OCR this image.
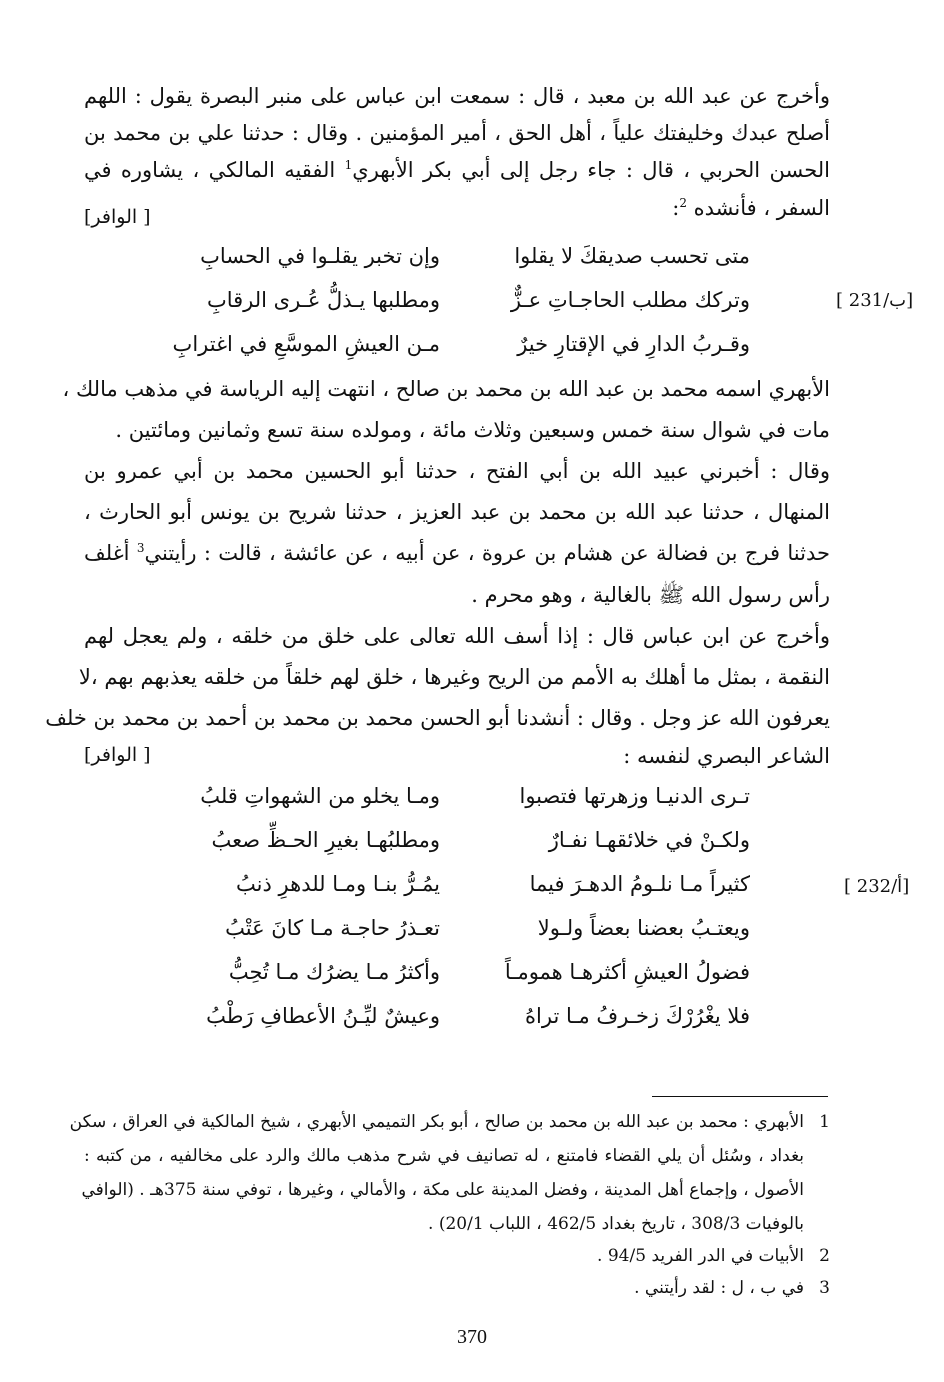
وأخرج عن عبد الله بن معبد ، قال : سمعت ابن عباس على منبر البصرة يقول : اللهم
أصلح عبدك وخليفتك علياً ، أهل الحق ، أمير المؤمنين . وقال : حدثنا علي بن محمد بن
الحسن الحربي ، قال : جاء رجل إلى أبي بكر الأبهري$^1$ الفقيه المالكي ، يشاوره في
السفر ، فأنشده $^2$:
[ الوافر]
متى تحسب صديقكَ لا يقلوا
وإن تخبر يقلـوا في الحسابِ
وتركك مطلب الحاجـاتِ عـزٌّ
ومطلبها يـذلُّ عُـرى الرقابِ
وقـربُ الدارِ في الإقتارِ خيرٌ
مـن العيشِ الموسَّعِ في اغترابِ
[ 231/ب]
الأبهري اسمه محمد بن عبد الله بن محمد بن صالح ، انتهت إليه الرياسة في مذهب مالك ،
مات في شوال سنة خمس وسبعين وثلاث مائة ، ومولده سنة تسع وثمانين ومائتين .
وقال : أخبرني عبيد الله بن أبي الفتح ، حدثنا أبو الحسين محمد بن أبي عمرو بن
المنهال ، حدثنا عبد الله بن محمد بن عبد العزيز ، حدثنا شريح بن يونس أبو الحارث ،
حدثنا فرج بن فضالة عن هشام بن عروة ، عن أبيه ، عن عائشة ، قالت : رأيتني$^3$ أغلف
رأس رسول الله ﷺ بالغالية ، وهو محرم .
وأخرج عن ابن عباس قال : إذا أسف الله تعالى على خلق من خلقه ، ولم يعجل لهم
النقمة ، بمثل ما أهلك به الأمم من الريح وغيرها ، خلق لهم خلقاً من خلقه يعذبهم بهم ،لا
يعرفون الله عز وجل . وقال : أنشدنا أبو الحسن محمد بن محمد بن أحمد بن محمد بن خلف
الشاعر البصري لنفسه :
[ الوافر]
تـرى الدنيـا وزهرتها فتصبوا
ومـا يخلو من الشهواتِ قلبُ
ولكـنْ في خلائقهـا نفـارٌ
ومطلبُهـا بغيرِ الحـظِّ صعبُ
كثيراً مـا نلـومُ الدهـرَ فيما
يمُـرُّ بنـا ومـا للدهرِ ذنبُ
ويعتـبُ بعضنا بعضاً ولـولا
تعـذرُ حاجـة مـا كانَ عَتْبُ
فضولُ العيشِ أكثرهـا همومـاً
وأكثرُ مـا يضرُك مـا تُحِبُّ
فلا يغْرُرْكَ زخـرفُ مـا تراهُ
وعيشٌ ليِّـنُ الأعطافِ رَطْبُ
[ 232/أ]
1
الأبهري : محمد بن عبد الله بن محمد بن صالح ، أبو بكر التميمي الأبهري ، شيخ المالكية في العراق ، سكن
بغداد ، وسُئل أن يلي القضاء فامتنع ، له تصانيف في شرح مذهب مالك والرد على مخالفيه ، من كتبه :
الأصول ، وإجماع أهل المدينة ، وفضل المدينة على مكة ، والأمالي ، وغيرها ، توفي سنة 375هـ . (الوافي
بالوفيات 308/3 ، تاريخ بغداد 462/5 ، اللباب 20/1) .
2
الأبيات في الدر الفريد 94/5 .
3
في ب ، ل : لقد رأيتني .
370
